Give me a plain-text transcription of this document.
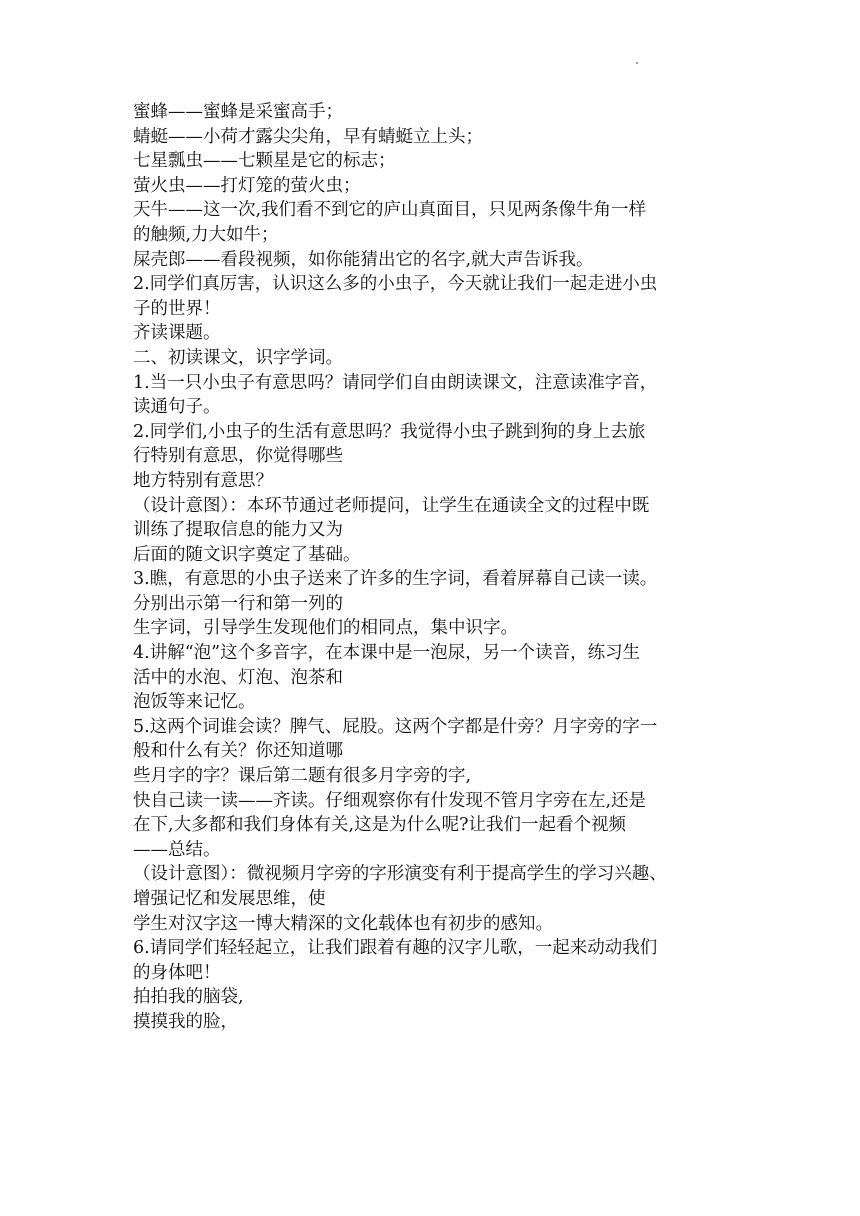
蜜蜂——蜜蜂是采蜜高手；
蜻蜓——小荷才露尖尖角，早有蜻蜓立上头；
七星瓢虫——七颗星是它的标志；
萤火虫——打灯笼的萤火虫；
天牛——这一次,我们看不到它的庐山真面目，只见两条像牛角一样
的触频,力大如牛；
屎壳郎——看段视频，如你能猜出它的名字,就大声告诉我。
2.同学们真厉害，认识这么多的小虫子，今天就让我们一起走进小虫
子的世界！
齐读课题。
二、初读课文，识字学词。
1.当一只小虫子有意思吗？请同学们自由朗读课文，注意读准字音，
读通句子。
2.同学们,小虫子的生活有意思吗？我觉得小虫子跳到狗的身上去旅
行特别有意思，你觉得哪些
地方特别有意思？
（设计意图）：本环节通过老师提问，让学生在通读全文的过程中既
训练了提取信息的能力又为
后面的随文识字奠定了基础。
3.瞧，有意思的小虫子送来了许多的生字词，看着屏幕自己读一读。
分别出示第一行和第一列的
生字词，引导学生发现他们的相同点，集中识字。
4.讲解“泡”这个多音字，在本课中是一泡尿，另一个读音，练习生
活中的水泡、灯泡、泡茶和
泡饭等来记忆。
5.这两个词谁会读？脾气、屁股。这两个字都是什旁？月字旁的字一
般和什么有关？你还知道哪
些月字的字？课后第二题有很多月字旁的字,
快自己读一读——齐读。仔细观察你有什发现不管月字旁在左,还是
在下,大多都和我们身体有关,这是为什么呢?让我们一起看个视频
——总结。
（设计意图）：微视频月字旁的字形演变有利于提高学生的学习兴趣、
增强记忆和发展思维，使
学生对汉字这一博大精深的文化载体也有初步的感知。
6.请同学们轻轻起立，让我们跟着有趣的汉字儿歌，一起来动动我们
的身体吧！
拍拍我的脑袋,
摸摸我的脸，
